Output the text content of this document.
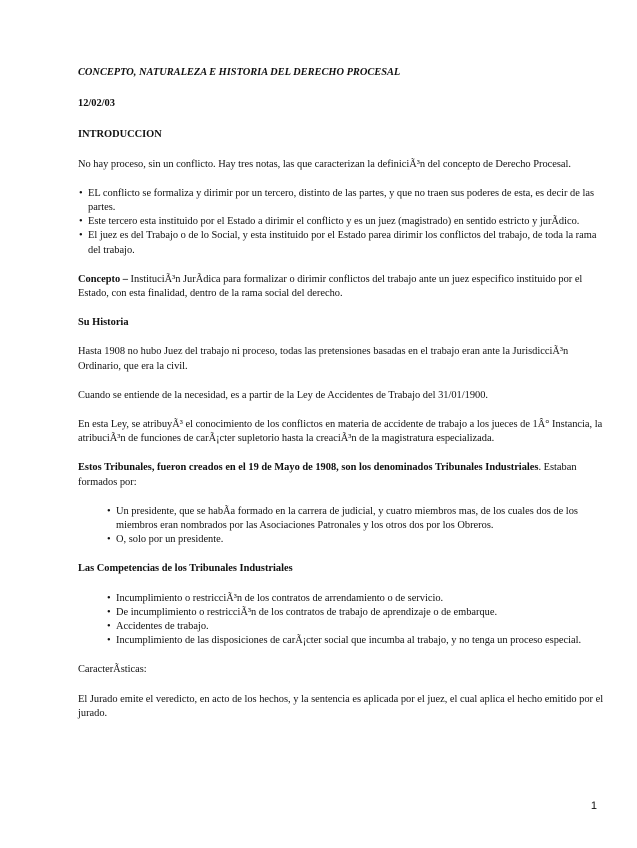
CONCEPTO, NATURALEZA E HISTORIA DEL DERECHO PROCESAL

12/02/03

INTRODUCCION

No hay proceso, sin un conflicto. Hay tres notas, las que caracterizan la definiciÃ³n del concepto de Derecho Procesal.

• EL conflicto se formaliza y dirimir por un tercero, distinto de las partes, y que no traen sus poderes de esta, es decir de las partes.
• Este tercero esta instituido por el Estado a dirimir el conflicto y es un juez (magistrado) en sentido estricto y jurÃdico.
• El juez es del Trabajo o de lo Social, y esta instituido por el Estado parea dirimir los conflictos del trabajo, de toda la rama del trabajo.

Concepto – InstituciÃ³n JurÃdica para formalizar o dirimir conflictos del trabajo ante un juez especifico instituido por el Estado, con esta finalidad, dentro de la rama social del derecho.

Su Historia

Hasta 1908 no hubo Juez del trabajo ni proceso, todas las pretensiones basadas en el trabajo eran ante la JurisdicciÃ³n Ordinario, que era la civil.

Cuando se entiende de la necesidad, es a partir de la Ley de Accidentes de Trabajo del 31/01/1900.

En esta Ley, se atribuyÃ³ el conocimiento de los conflictos en materia de accidente de trabajo a los jueces de 1Â° Instancia, la atribuciÃ³n de funciones de carÃ¡cter supletorio hasta la creaciÃ³n de la magistratura especializada.

Estos Tribunales, fueron creados en el 19 de Mayo de 1908, son los denominados Tribunales Industriales. Estaban formados por:

• Un presidente, que se habÃa formado en la carrera de judicial, y cuatro miembros mas, de los cuales dos de los miembros eran nombrados por las Asociaciones Patronales y los otros dos por los Obreros.
• O, solo por un presidente.

Las Competencias de los Tribunales Industriales

• Incumplimiento o restricciÃ³n de los contratos de arrendamiento o de servicio.
• De incumplimiento o restricciÃ³n de los contratos de trabajo de aprendizaje o de embarque.
• Accidentes de trabajo.
• Incumplimiento de las disposiciones de carÃ¡cter social que incumba al trabajo, y no tenga un proceso especial.

CaracterÃsticas:

El Jurado emite el veredicto, en acto de los hechos, y la sentencia es aplicada por el juez, el cual aplica el hecho emitido por el jurado.

1
